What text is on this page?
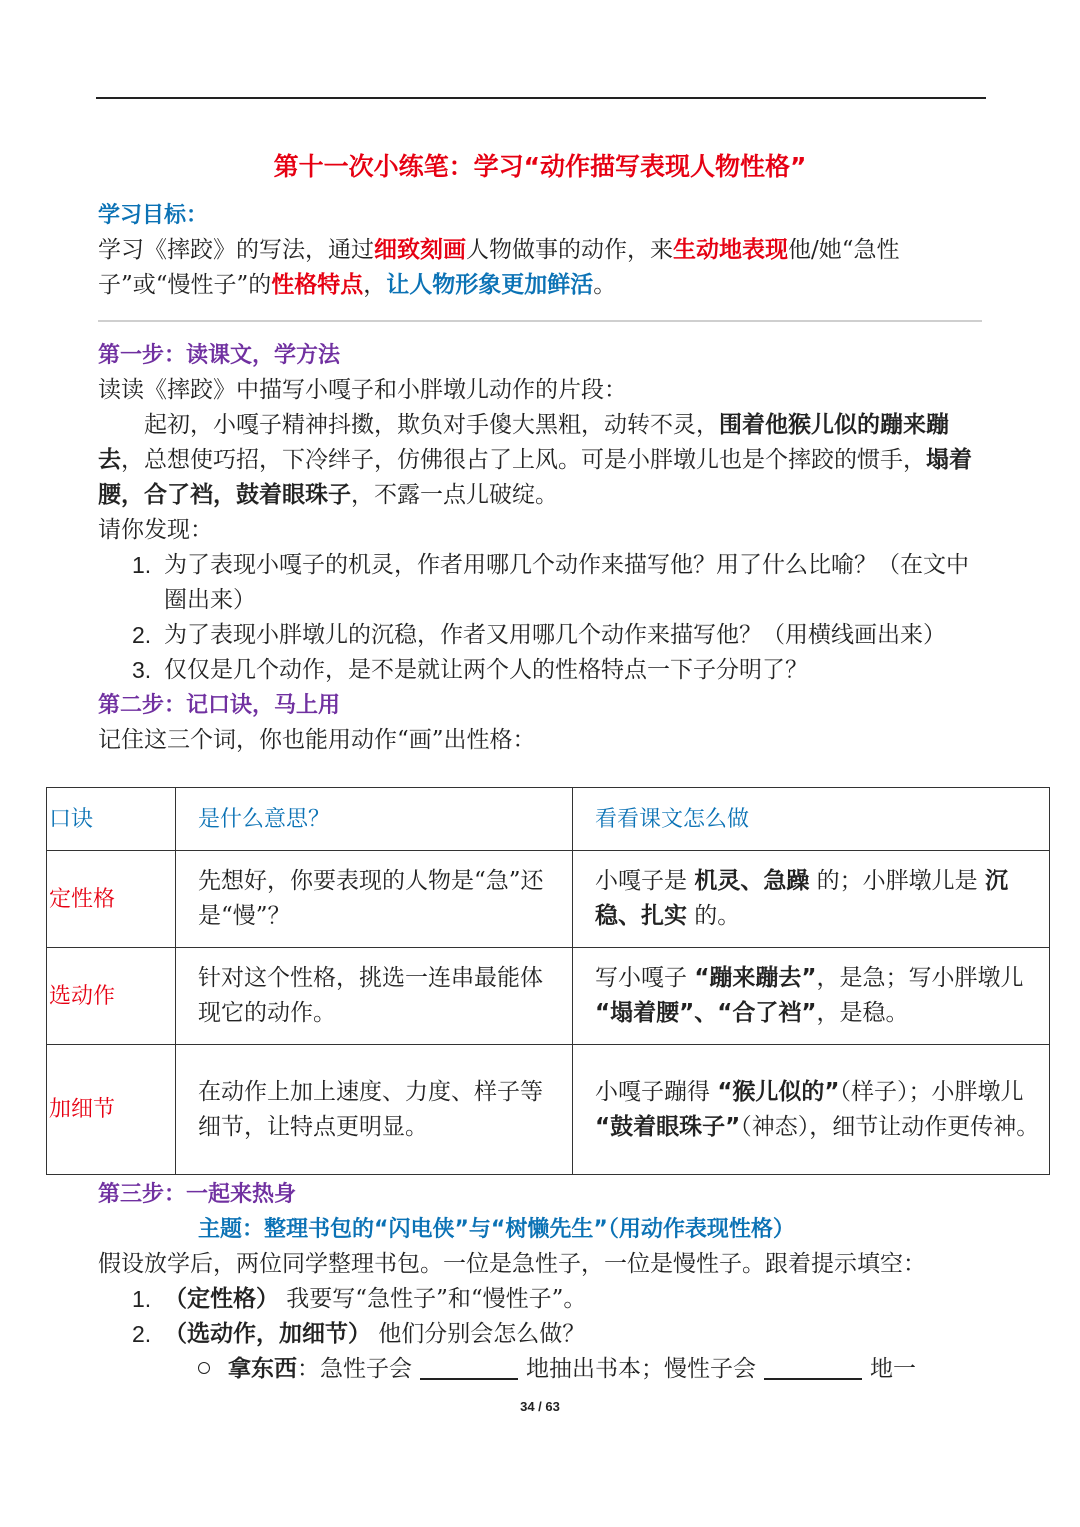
第十一次小练笔：学习“动作描写表现人物性格”
学习目标：
学习《摔跤》的写法，通过细致刻画人物做事的动作，来生动地表现他/她“急性子”或“慢性子”的性格特点，让人物形象更加鲜活。
第一步：读课文，学方法
读读《摔跤》中描写小嘎子和小胖墩儿动作的片段：
起初，小嘎子精神抖擞，欺负对手傻大黑粗，动转不灵，围着他猴儿似的蹦来蹦去，总想使巧招，下冷绊子，仿佛很占了上风。可是小胖墩儿也是个摔跤的惯手，塌着腰，合了裆，鼓着眼珠子，不露一点儿破绽。
请你发现：
1. 为了表现小嘎子的机灵，作者用哪几个动作来描写他？用了什么比喻？（在文中圈出来）
2. 为了表现小胖墩儿的沉稳，作者又用哪几个动作来描写他？（用横线画出来）
3. 仅仅是几个动作，是不是就让两个人的性格特点一下子分明了？
第二步：记口诀，马上用
记住这三个词，你也能用动作“画”出性格：
口诀	是什么意思？	看看课文怎么做
定性格	先想好，你要表现的人物是“急”还是“慢”？	小嘎子是 机灵、急躁 的；小胖墩儿是 沉稳、扎实 的。
选动作	针对这个性格，挑选一连串最能体现它的动作。	写小嘎子 “蹦来蹦去”，是急；写小胖墩儿 “塌着腰”、“合了裆”，是稳。
加细节	在动作上加上速度、力度、样子等细节，让特点更明显。	小嘎子蹦得 “猴儿似的”（样子）；小胖墩儿 “鼓着眼珠子”（神态），细节让动作更传神。
第三步：一起来热身
主题：整理书包的“闪电侠”与“树懒先生”（用动作表现性格）
假设放学后，两位同学整理书包。一位是急性子，一位是慢性子。跟着提示填空：
1. （定性格） 我要写“急性子”和“慢性子”。
2. （选动作，加细节） 他们分别会怎么做？
拿东西：急性子会	地抽出书本；慢性子会	地一
34 / 63
